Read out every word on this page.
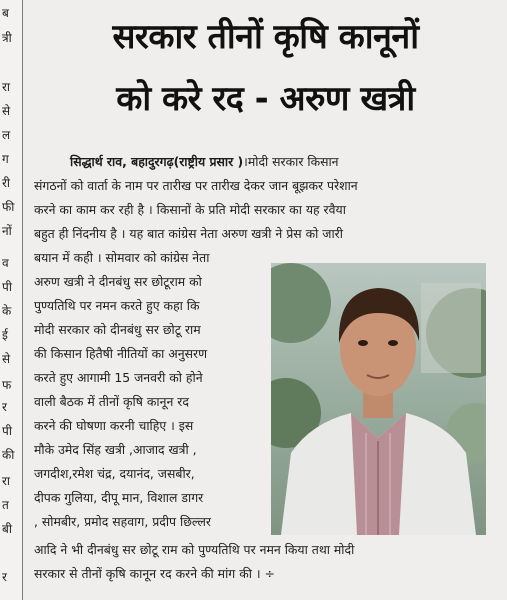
ब
त्री
रा
से
ल
ग
री
फी
नों
व
पी
के
ई
से
फ
र
पी
की
रा
त
बी
र
सरकार तीनों कृषि कानूनों
को करे रद - अरुण खत्री
सिद्धार्थ राव, बहादुरगढ़(राष्ट्रीय प्रसार )।मोदी सरकार किसान
संगठनों को वार्ता के नाम पर तारीख पर तारीख देकर जान बूझकर परेशान
करने का काम कर रही है । किसानों के प्रति मोदी सरकार का यह रवैया
बहुत ही निंदनीय है । यह बात कांग्रेस नेता अरुण खत्री ने प्रेस को जारी
बयान में कही । सोमवार को कांग्रेस नेता
अरुण खत्री ने दीनबंधु सर छोटूराम को
पुण्यतिथि पर नमन करते हुए कहा कि
मोदी सरकार को दीनबंधु सर छोटू राम
की किसान हितैषी नीतियों का अनुसरण
करते हुए आगामी 15 जनवरी को होने
वाली बैठक में तीनों कृषि कानून रद
करने की घोषणा करनी चाहिए । इस
मौके उमेद सिंह खत्री ,आजाद खत्री ,
जगदीश,रमेश चंद्र, दयानंद, जसबीर,
दीपक गुलिया, दीपू मान, विशाल डागर
, सोमबीर, प्रमोद सहवाग, प्रदीप छिल्लर
आदि ने भी दीनबंधु सर छोटू राम को पुण्यतिथि पर नमन किया तथा मोदी
सरकार से तीनों कृषि कानून रद करने की मांग की । ÷
